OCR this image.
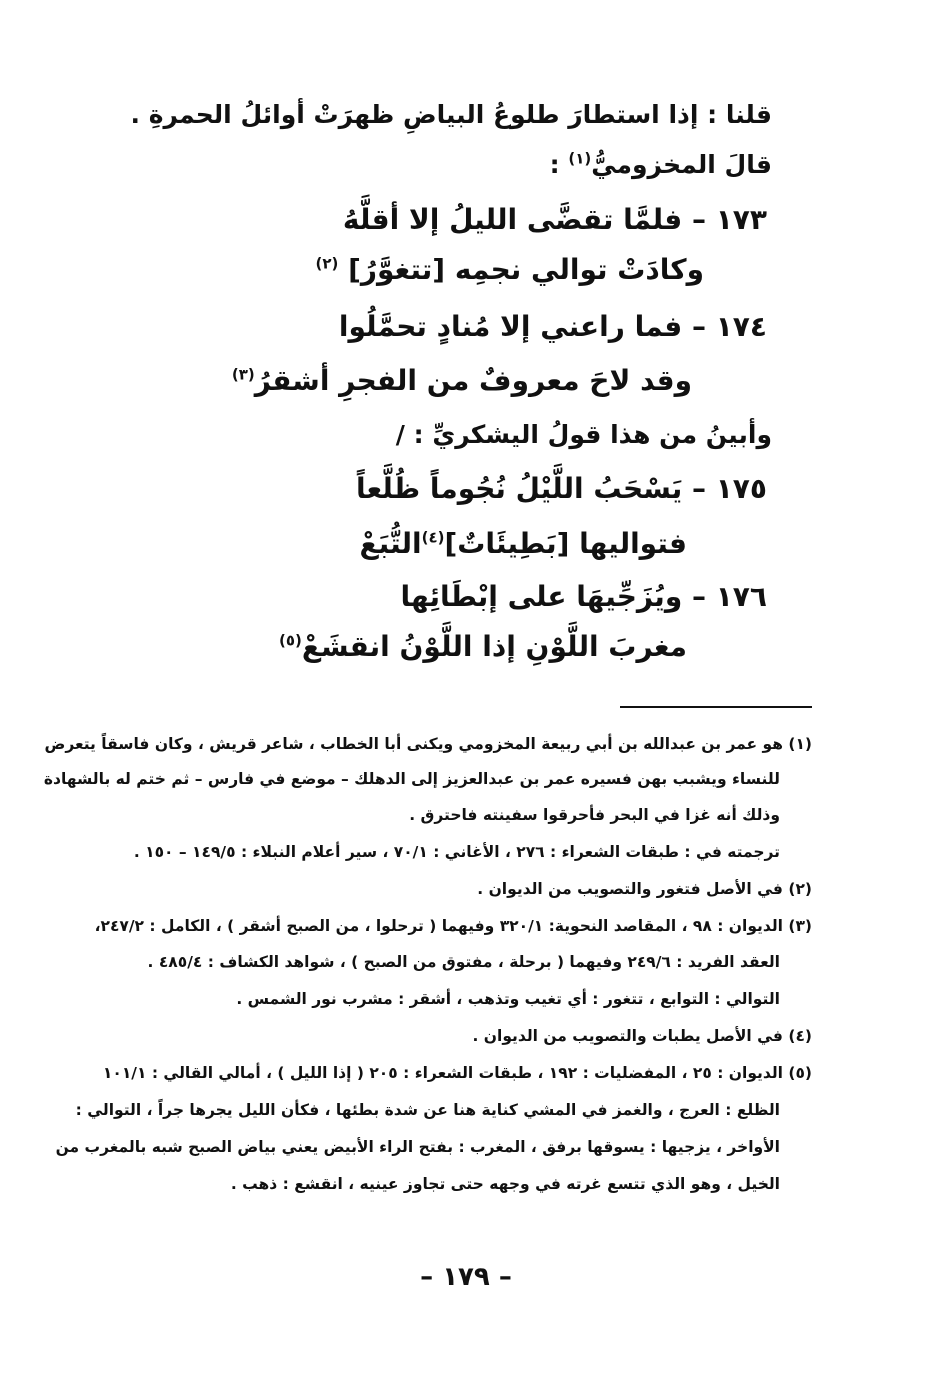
قلنا : إذا استطارَ طلوعُ البياضِ ظهرَتْ أوائلُ الحمرةِ .
قالَ المخزوميُّ$^{(١)}$ :
١٧٣ – فلمَّا تقضَّى الليلُ إلا أقلَّهُ
وكادَتْ توالي نجمِه [تتغوَّرُ] $^{(٢)}$
١٧٤ – فما راعني إلا مُنادٍ تحمَّلُوا
وقد لاحَ معروفٌ من الفجرِ أشقرُ$^{(٣)}$
وأبينُ من هذا قولُ اليشكريِّ : /
١٧٥ – يَسْحَبُ اللَّيْلُ نُجُوماً ظُلَّعاً
فتواليها [بَطِيئَاتٌ]$^{(٤)}$التُّبَعْ
١٧٦ – ويُزَجِّيهَا على إبْطَائِها
مغربَ اللَّوْنِ إذا اللَّوْنُ انقشَعْ$^{(٥)}$
(١) هو عمر بن عبدالله بن أبي ربيعة المخزومي ويكنى أبا الخطاب ، شاعر قريش ، وكان فاسقاً يتعرض
للنساء ويشبب بهن فسيره عمر بن عبدالعزيز إلى الدهلك – موضع في فارس – ثم ختم له بالشهادة
وذلك أنه غزا في البحر فأحرقوا سفينته فاحترق .
ترجمته في : طبقات الشعراء : ٢٧٦ ، الأغاني : ٧٠/١ ، سير أعلام النبلاء : ١٤٩/٥ – ١٥٠ .
(٢) في الأصل فتغور والتصويب من الديوان .
(٣) الديوان : ٩٨ ، المقاصد النحوية: ٣٢٠/١ وفيهما ( ترحلوا ، من الصبح أشقر ) ، الكامل : ٢٤٧/٢،
العقد الفريد : ٢٤٩/٦ وفيهما ( برحلة ، مفتوق من الصبح ) ، شواهد الكشاف : ٤٨٥/٤ .
التوالي : التوابع ، تتغور : أي تغيب وتذهب ، أشقر : مشرب نور الشمس .
(٤) في الأصل يطبات والتصويب من الديوان .
(٥) الديوان : ٢٥ ، المفضليات : ١٩٢ ، طبقات الشعراء : ٢٠٥ ( إذا الليل ) ، أمالي القالي : ١٠١/١
الظلع : العرج ، والغمز في المشي كناية هنا عن شدة بطئها ، فكأن الليل يجرها جراً ، التوالي :
الأواخر ، يزجيها : يسوقها برفق ، المغرب : بفتح الراء الأبيض يعني بياض الصبح شبه بالمغرب من
الخيل ، وهو الذي تتسع غرته في وجهه حتى تجاوز عينيه ، انقشع : ذهب .
– ١٧٩ –
